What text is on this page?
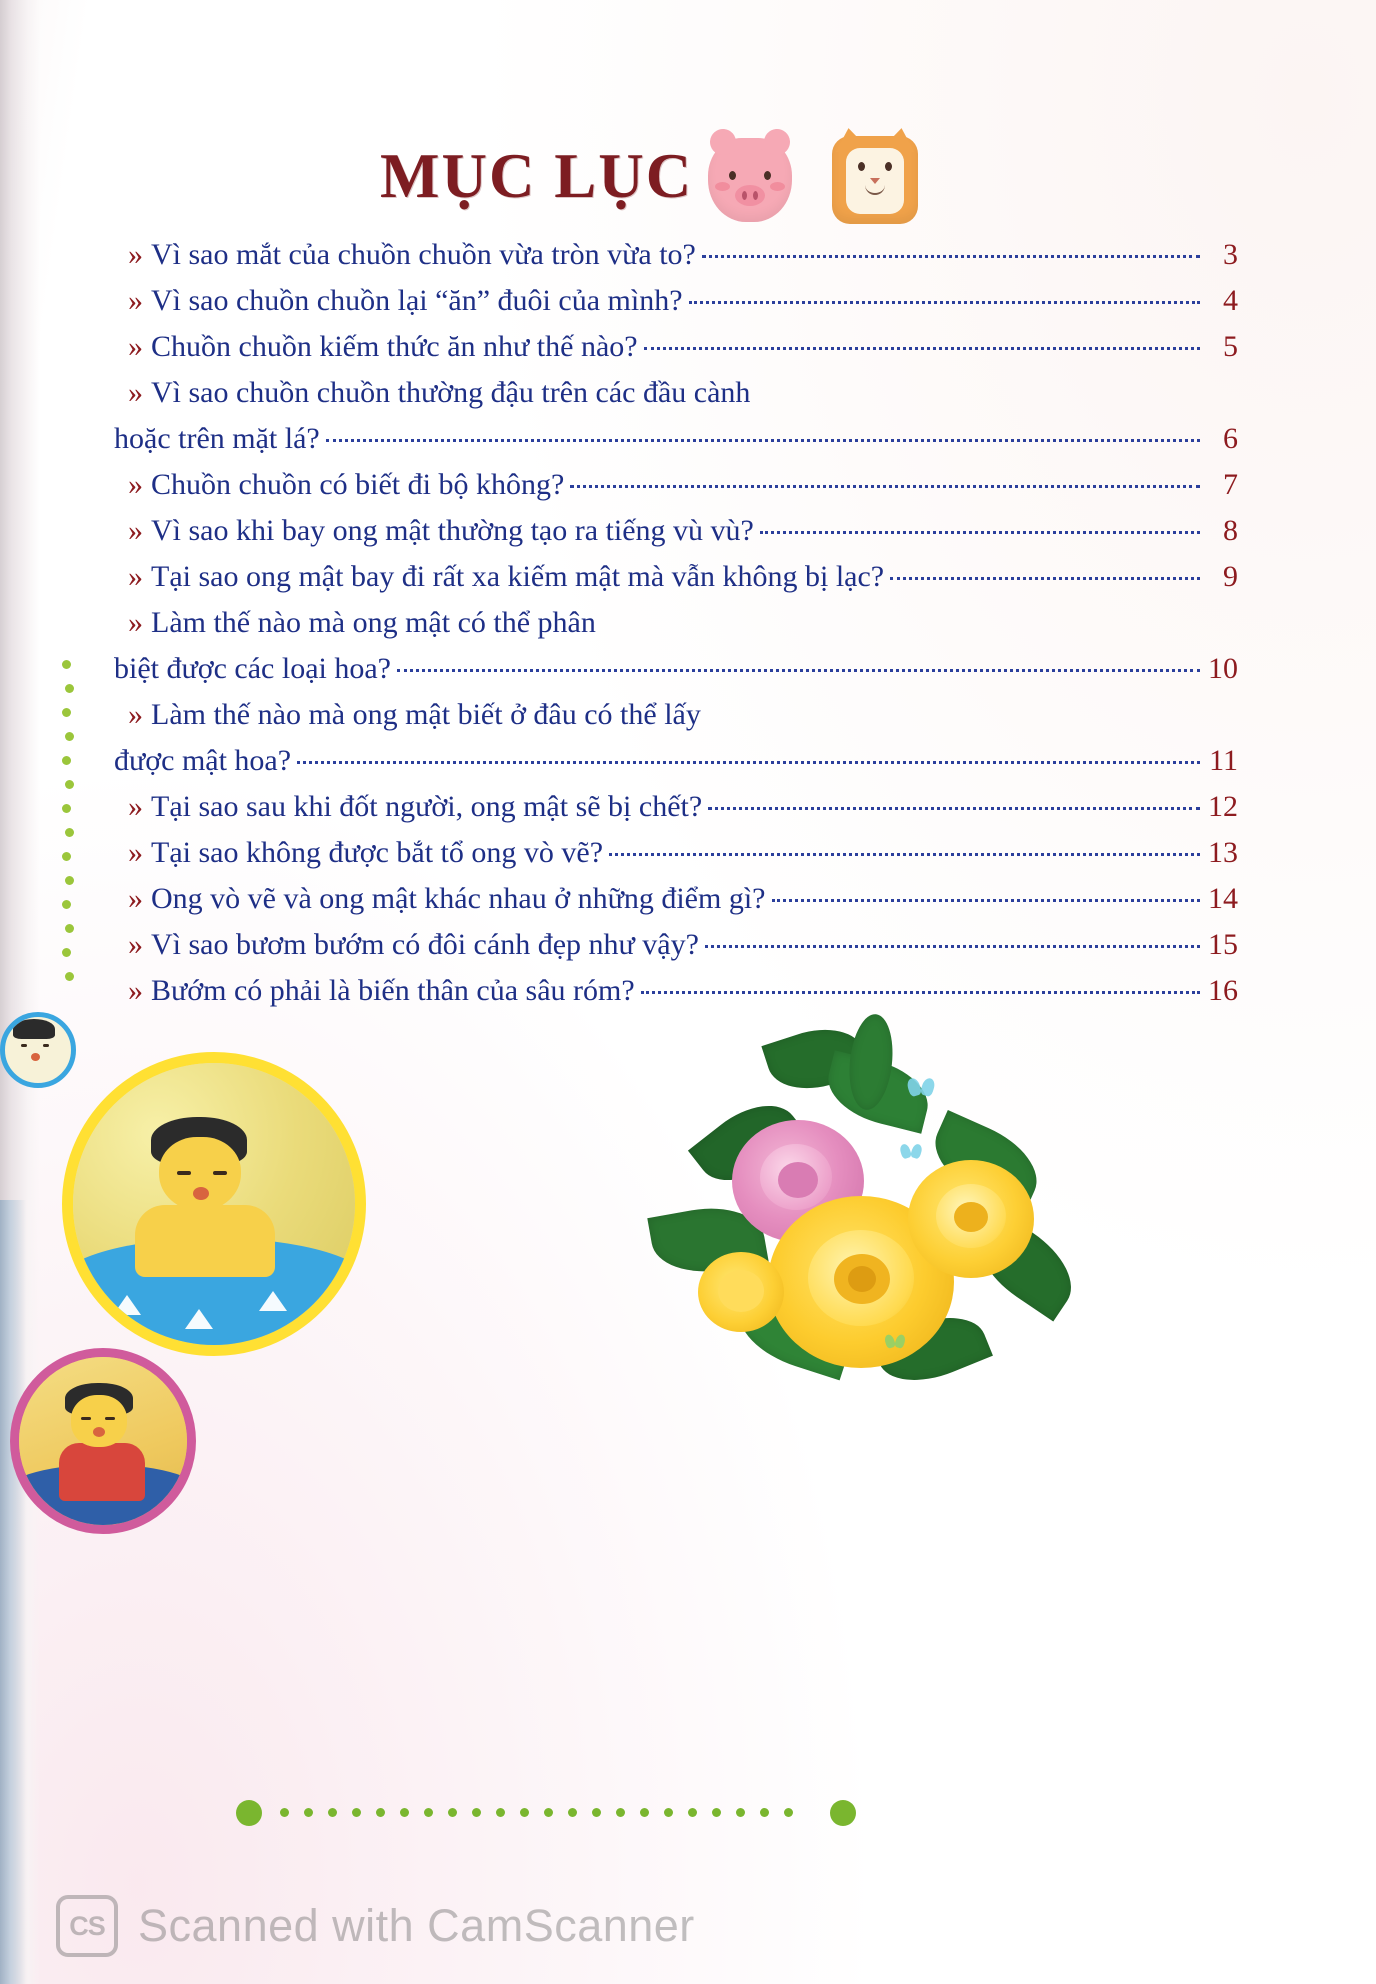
MỤC LỤC
» Vì sao mắt của chuồn chuồn vừa tròn vừa to?	3
» Vì sao chuồn chuồn lại “ăn” đuôi của mình?	4
» Chuồn chuồn kiếm thức ăn như thế nào?	5
» Vì sao chuồn chuồn thường đậu trên các đầu cành
hoặc trên mặt lá?	6
» Chuồn chuồn có biết đi bộ không?	7
» Vì sao khi bay ong mật thường tạo ra tiếng vù vù?	8
» Tại sao ong mật bay đi rất xa kiếm mật mà vẫn không bị lạc?	9
» Làm thế nào mà ong mật có thể phân
biệt được các loại hoa?	10
» Làm thế nào mà ong mật biết ở đâu có thể lấy
được mật hoa?	11
» Tại sao sau khi đốt người, ong mật sẽ bị chết?	12
» Tại sao không được bắt tổ ong vò vẽ?	13
» Ong vò vẽ và ong mật khác nhau ở những điểm gì?	14
» Vì sao bươm bướm có đôi cánh đẹp như vậy?	15
» Bướm có phải là biến thân của sâu róm?	16
CS Scanned with CamScanner
